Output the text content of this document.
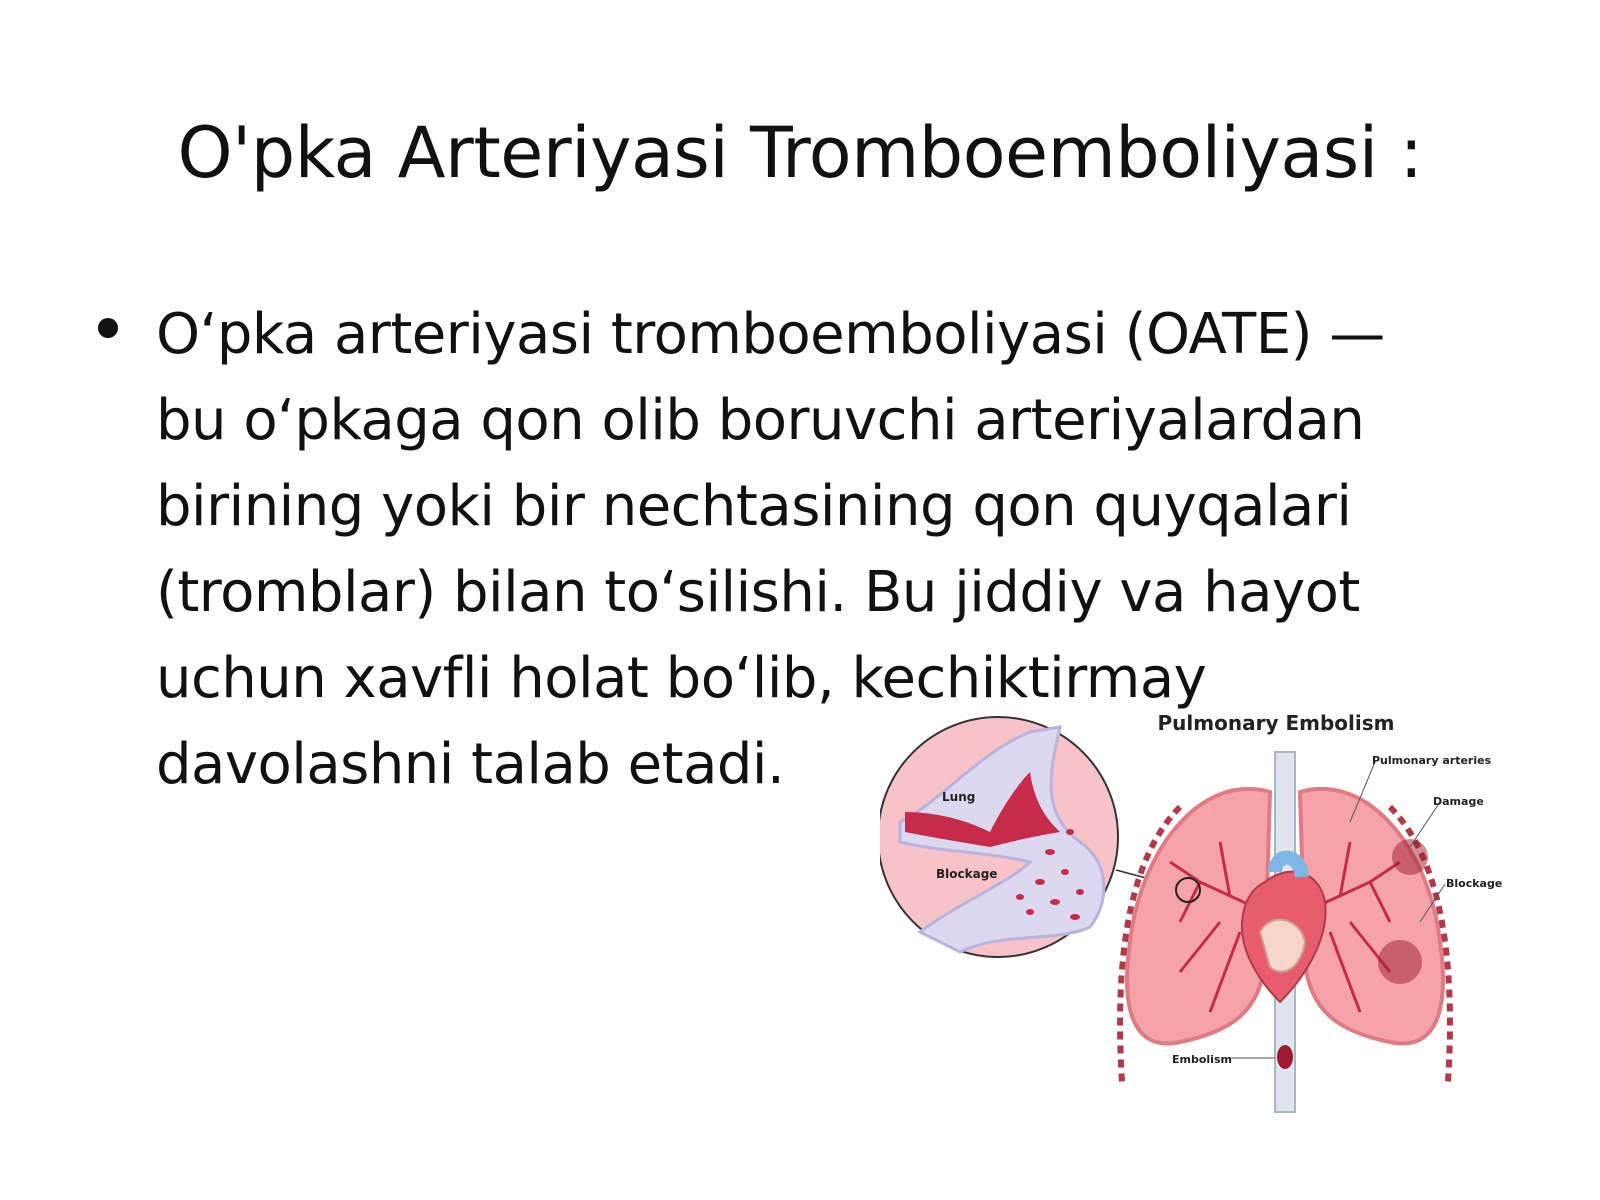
O'pka Arteriyasi Tromboemboliyasi :
O‘pka arteriyasi tromboemboliyasi (OATE) —
bu o‘pkaga qon olib boruvchi arteriyalardan
birining yoki bir nechtasining qon quyqalari
(tromblar) bilan to‘silishi. Bu jiddiy va hayot
uchun xavfli holat bo‘lib, kechiktirmay
davolashni talab etadi.
Pulmonary Embolism
Lung
Blockage
Pulmonary arteries
Damage
Blockage
Embolism
